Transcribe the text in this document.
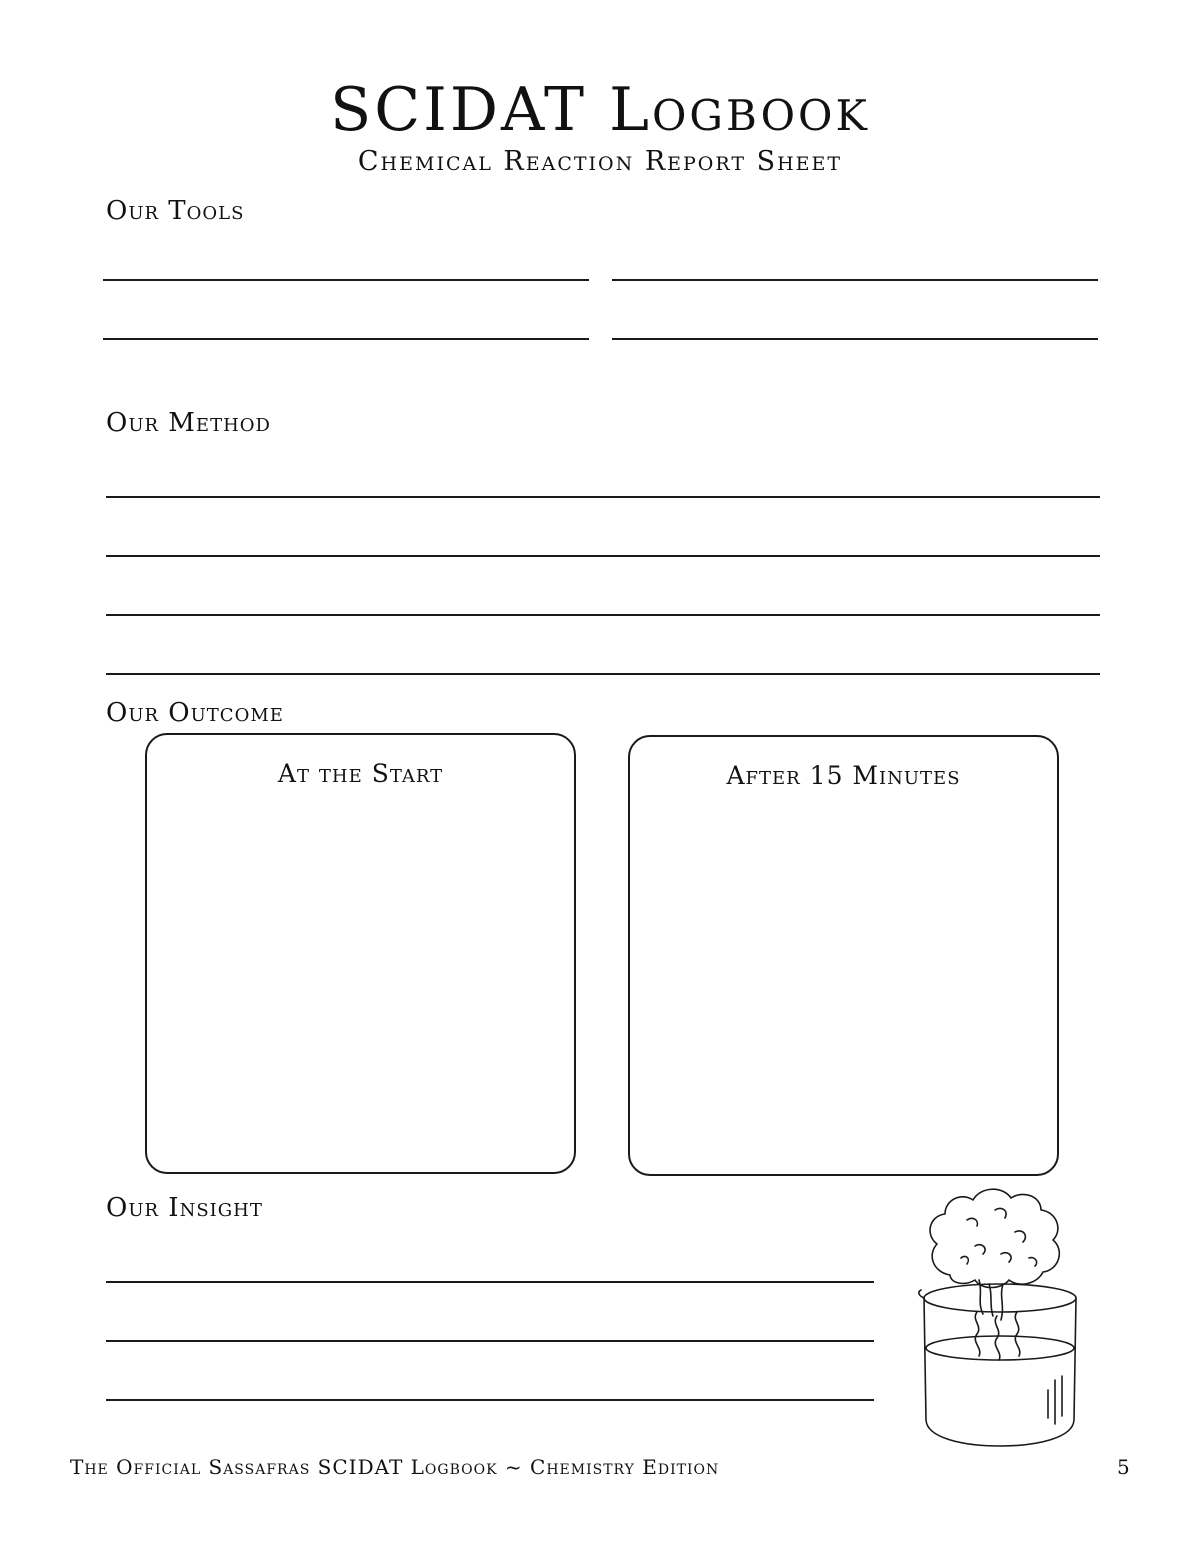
SCIDAT Logbook
Chemical Reaction Report Sheet
Our Tools
Our Method
Our Outcome
At the Start	After 15 Minutes
Our Insight
The Official Sassafras SCIDAT Logbook ~ Chemistry Edition	5
